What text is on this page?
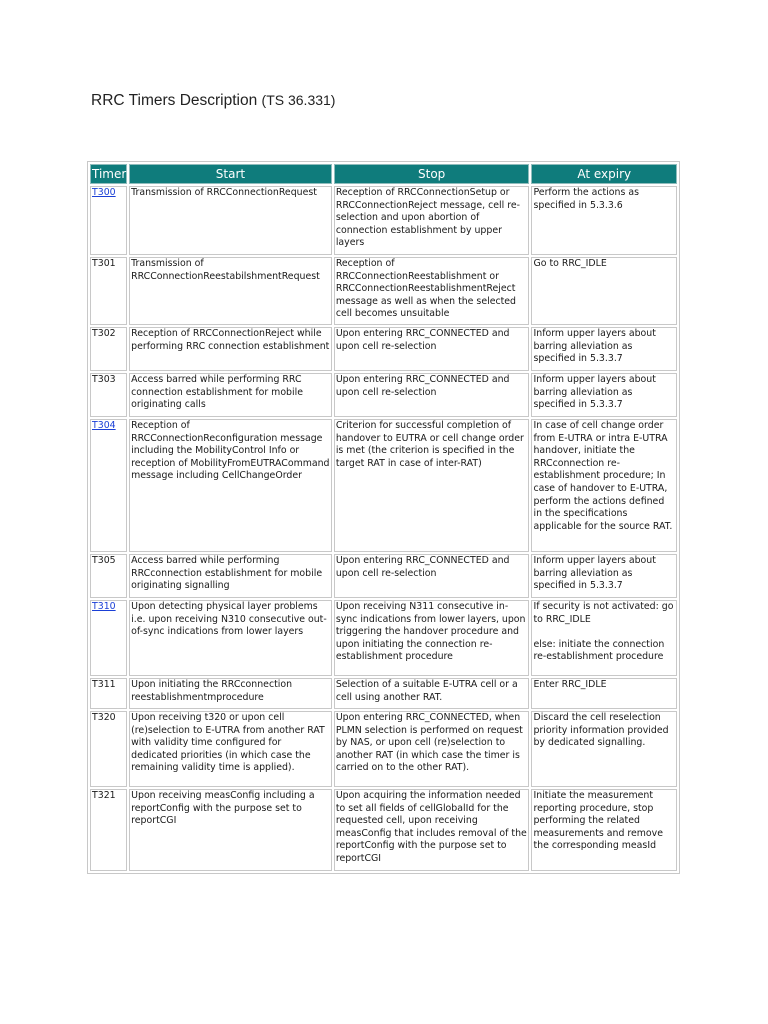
RRC Timers Description (TS 36.331)
Timer	Start	Stop	At expiry
T300	Transmission of RRCConnectionRequest	Reception of RRCConnectionSetup or RRCConnectionReject message, cell re-selection and upon abortion of connection establishment by upper layers	Perform the actions as specified in 5.3.3.6
T301	Transmission of RRCConnectionReestabilshmentRequest	Reception of RRCConnectionReestablishment or RRCConnectionReestablishmentReject message as well as when the selected cell becomes unsuitable	Go to RRC_IDLE
T302	Reception of RRCConnectionReject while performing RRC connection establishment	Upon entering RRC_CONNECTED and upon cell re-selection	Inform upper layers about barring alleviation as specified in 5.3.3.7
T303	Access barred while performing RRC connection establishment for mobile originating calls	Upon entering RRC_CONNECTED and upon cell re-selection	Inform upper layers about barring alleviation as specified in 5.3.3.7
T304	Reception of RRCConnectionReconfiguration message including the MobilityControl Info or reception of MobilityFromEUTRACommand message including CellChangeOrder	Criterion for successful completion of handover to EUTRA or cell change order is met (the criterion is specified in the target RAT in case of inter-RAT)	In case of cell change order from E-UTRA or intra E-UTRA handover, initiate the RRCconnection re-establishment procedure; In case of handover to E-UTRA, perform the actions defined in the specifications applicable for the source RAT.
T305	Access barred while performing RRCconnection establishment for mobile originating signalling	Upon entering RRC_CONNECTED and upon cell re-selection	Inform upper layers about barring alleviation as specified in 5.3.3.7
T310	Upon detecting physical layer problems i.e. upon receiving N310 consecutive out-of-sync indications from lower layers	Upon receiving N311 consecutive in-sync indications from lower layers, upon triggering the handover procedure and upon initiating the connection re-establishment procedure	If security is not activated: go to RRC_IDLE

else: initiate the connection re-establishment procedure
T311	Upon initiating the RRCconnection reestablishmentmprocedure	Selection of a suitable E-UTRA cell or a cell using another RAT.	Enter RRC_IDLE
T320	Upon receiving t320 or upon cell (re)selection to E-UTRA from another RAT with validity time configured for dedicated priorities (in which case the remaining validity time is applied).	Upon entering RRC_CONNECTED, when PLMN selection is performed on request by NAS, or upon cell (re)selection to another RAT (in which case the timer is carried on to the other RAT).	Discard the cell reselection priority information provided by dedicated signalling.
T321	Upon receiving measConfig including a reportConfig with the purpose set to reportCGI	Upon acquiring the information needed to set all fields of cellGlobalId for the requested cell, upon receiving measConfig that includes removal of the reportConfig with the purpose set to reportCGI	Initiate the measurement reporting procedure, stop performing the related measurements and remove the corresponding measId
